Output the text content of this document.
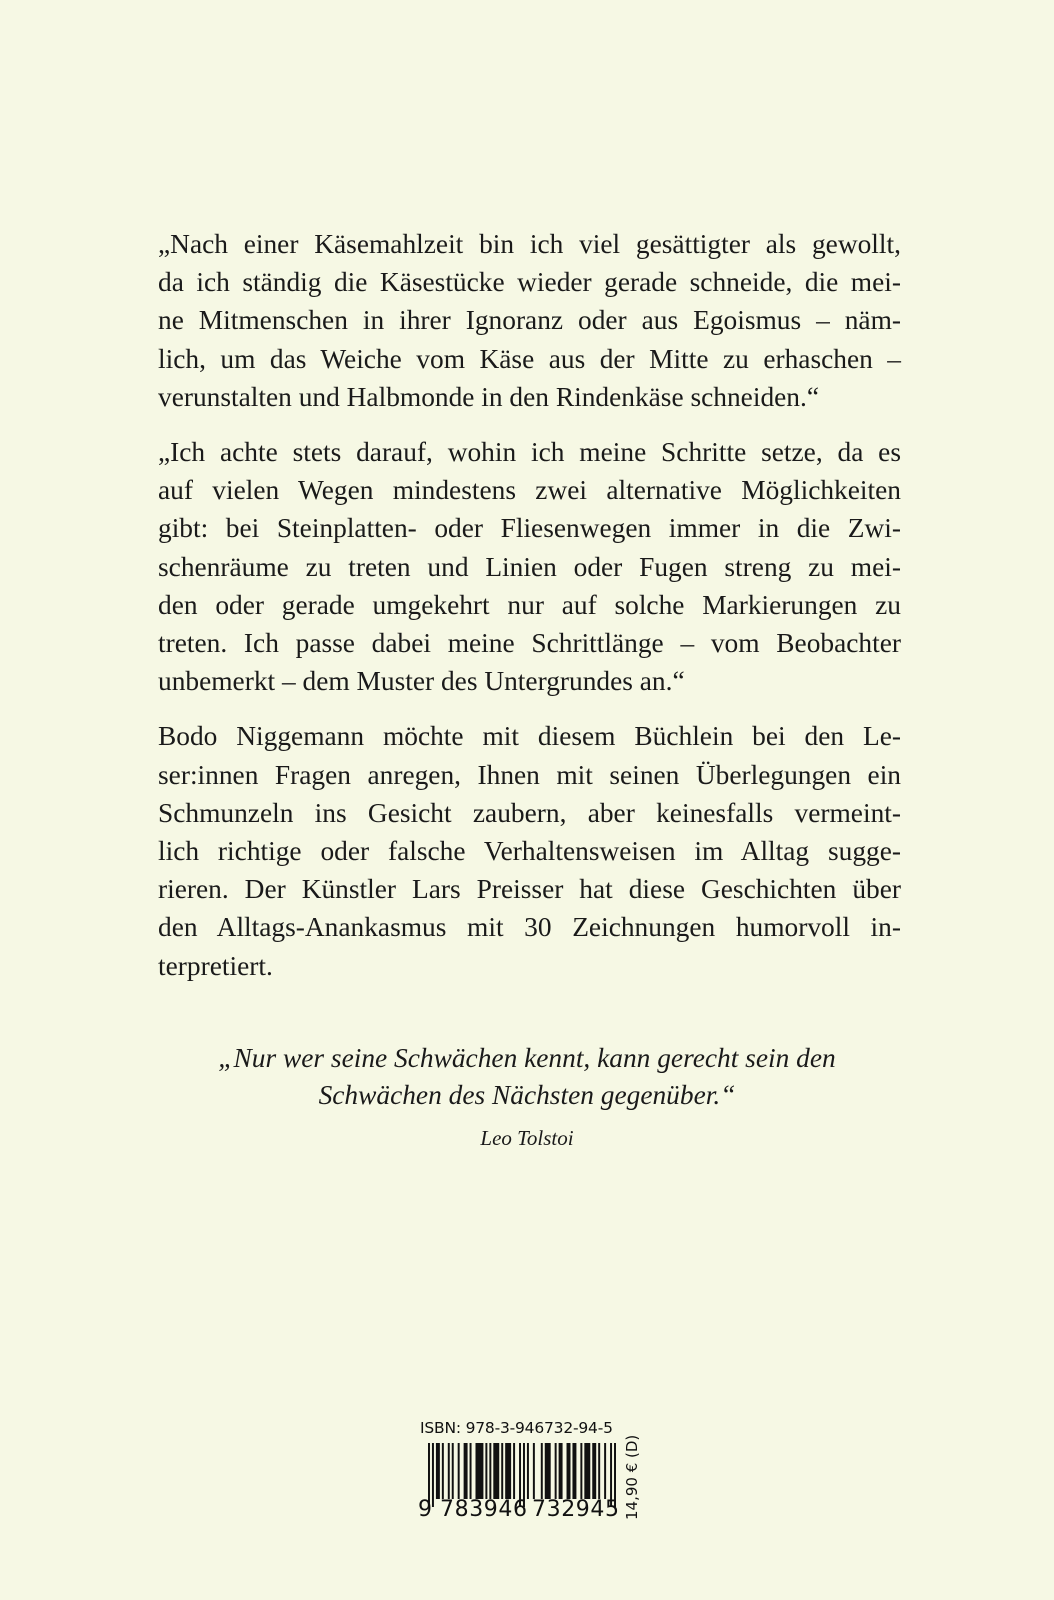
„Nach einer Käsemahlzeit bin ich viel gesättigter als gewollt,
da ich ständig die Käsestücke wieder gerade schneide, die mei-
ne Mitmenschen in ihrer Ignoranz oder aus Egoismus – näm-
lich, um das Weiche vom Käse aus der Mitte zu erhaschen –
verunstalten und Halbmonde in den Rindenkäse schneiden.“

„Ich achte stets darauf, wohin ich meine Schritte setze, da es
auf vielen Wegen mindestens zwei alternative Möglichkeiten
gibt: bei Steinplatten- oder Fliesenwegen immer in die Zwi-
schenräume zu treten und Linien oder Fugen streng zu mei-
den oder gerade umgekehrt nur auf solche Markierungen zu
treten. Ich passe dabei meine Schrittlänge – vom Beobachter
unbemerkt – dem Muster des Untergrundes an.“

Bodo Niggemann möchte mit diesem Büchlein bei den Le-
ser:innen Fragen anregen, Ihnen mit seinen Überlegungen ein
Schmunzeln ins Gesicht zaubern, aber keinesfalls vermeint-
lich richtige oder falsche Verhaltensweisen im Alltag sugge-
rieren. Der Künstler Lars Preisser hat diese Geschichten über
den Alltags-Anankasmus mit 30 Zeichnungen humorvoll in-
terpretiert.

„Nur wer seine Schwächen kennt, kann gerecht sein den
Schwächen des Nächsten gegenüber.“
Leo Tolstoi
ISBN: 978-3-946732-94-5
9 783946 732945 14,90 € (D)
